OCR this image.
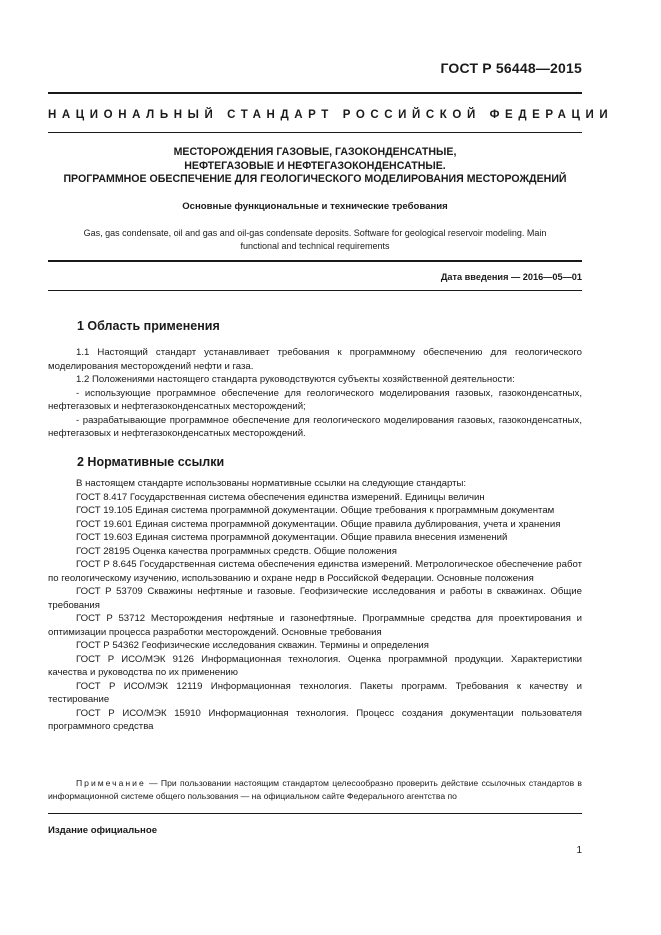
ГОСТ Р 56448—2015
НАЦИОНАЛЬНЫЙ СТАНДАРТ РОССИЙСКОЙ ФЕДЕРАЦИИ
МЕСТОРОЖДЕНИЯ ГАЗОВЫЕ, ГАЗОКОНДЕНСАТНЫЕ,
НЕФТЕГАЗОВЫЕ И НЕФТЕГАЗОКОНДЕНСАТНЫЕ.
ПРОГРАММНОЕ ОБЕСПЕЧЕНИЕ ДЛЯ ГЕОЛОГИЧЕСКОГО МОДЕЛИРОВАНИЯ МЕСТОРОЖДЕНИЙ
Основные функциональные и технические требования
Gas, gas condensate, oil and gas and oil-gas condensate deposits. Software for geological reservoir modeling. Main
functional and technical requirements
Дата введения — 2016—05—01
1 Область применения

1.1 Настоящий стандарт устанавливает требования к программному обеспечению для геологического моделирования месторождений нефти и газа.

1.2 Положениями настоящего стандарта руководствуются субъекты хозяйственной деятельности:

- использующие программное обеспечение для геологического моделирования газовых, газоконденсатных, нефтегазовых и нефтегазоконденсатных месторождений;

- разрабатывающие программное обеспечение для геологического моделирования газовых, газоконденсатных, нефтегазовых и нефтегазоконденсатных месторождений.

2 Нормативные ссылки

В настоящем стандарте использованы нормативные ссылки на следующие стандарты:

ГОСТ 8.417 Государственная система обеспечения единства измерений. Единицы величин

ГОСТ 19.105 Единая система программной документации. Общие требования к программным документам

ГОСТ 19.601 Единая система программной документации. Общие правила дублирования, учета и хранения

ГОСТ 19.603 Единая система программной документации. Общие правила внесения изменений

ГОСТ 28195 Оценка качества программных средств. Общие положения

ГОСТ Р 8.645 Государственная система обеспечения единства измерений. Метрологическое обеспечение работ по геологическому изучению, использованию и охране недр в Российской Федерации. Основные положения

ГОСТ Р 53709 Скважины нефтяные и газовые. Геофизические исследования и работы в скважинах. Общие требования

ГОСТ Р 53712 Месторождения нефтяные и газонефтяные. Программные средства для проектирования и оптимизации процесса разработки месторождений. Основные требования

ГОСТ Р 54362 Геофизические исследования скважин. Термины и определения

ГОСТ Р ИСО/МЭК 9126 Информационная технология. Оценка программной продукции. Характеристики качества и руководства по их применению

ГОСТ Р ИСО/МЭК 12119 Информационная технология. Пакеты программ. Требования к качеству и тестирование

ГОСТ Р ИСО/МЭК 15910 Информационная технология. Процесс создания документации пользователя программного средства

Примечание — При пользовании настоящим стандартом целесообразно проверить действие ссылочных стандартов в информационной системе общего пользования — на официальном сайте Федерального агентства по

Издание официальное
1
